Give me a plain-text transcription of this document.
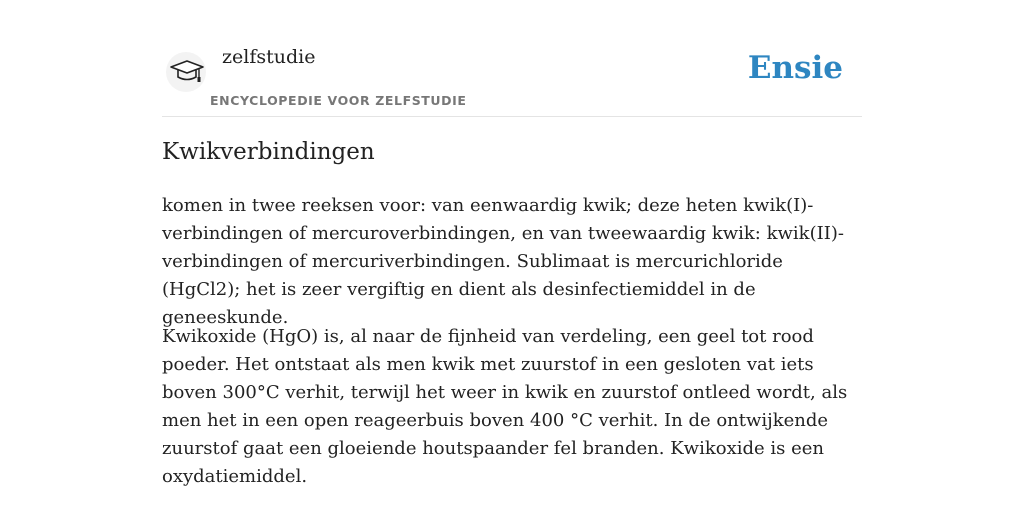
zelfstudie
ENCYCLOPEDIE VOOR ZELFSTUDIE
Ensie
Kwikverbindingen

komen in twee reeksen voor: van eenwaardig kwik; deze heten kwik(I)-verbindingen of mercuroverbindingen, en van tweewaardig kwik: kwik(II)-verbindingen of mercuriverbindingen. Sublimaat is mercurichloride (HgCl2); het is zeer vergiftig en dient als desinfectiemiddel in de geneeskunde.

Kwikoxide (HgO) is, al naar de fijnheid van verdeling, een geel tot rood poeder. Het ontstaat als men kwik met zuurstof in een gesloten vat iets boven 300°C verhit, terwijl het weer in kwik en zuurstof ontleed wordt, als men het in een open reageerbuis boven 400 °C verhit. In de ontwijkende zuurstof gaat een gloeiende houtspaander fel branden. Kwikoxide is een oxydatiemiddel.
